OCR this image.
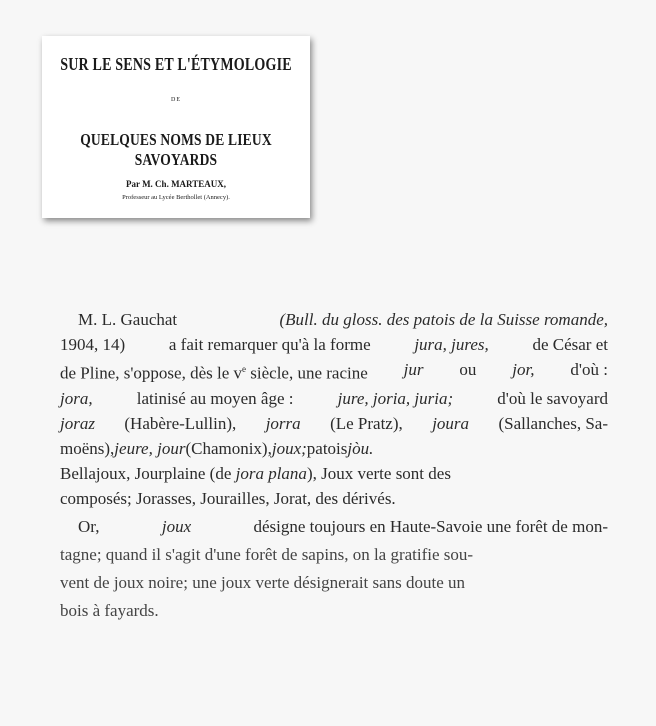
SUR LE SENS ET L'ÉTYMOLOGIE
DE
QUELQUES NOMS DE LIEUX SAVOYARDS
Par M. Ch. MARTEAUX,
Professeur au Lycée Berthollet (Annecy).
M. L. Gauchat	(Bull. du gloss. des patois de la Suisse romande,
1904, 14)	a fait remarquer qu'à la forme	jura, jures,	de César et
de Pline, s'oppose, dès le $v^e$ siècle, une racine jur ou jor, d'où :
jora,	latinisé au moyen âge :	jure, joria, juria;	d'où le savoyard
joraz (Habère-Lullin), jorra (Le Pratz), joura (Sallanches, Sa-
moëns), jeure, jour (Chamonix), joux; patois jòu.
Bellajoux, Jourplaine (de jora plana), Joux verte sont des
composés; Jorasses, Jourailles, Jorat, des dérivés.
Or,	joux	désigne toujours en Haute-Savoie une forêt de mon-
tagne; quand il s'agit d'une forêt de sapins, on la gratifie sou-
vent de joux noire; une joux verte désignerait sans doute un
bois à fayards.
